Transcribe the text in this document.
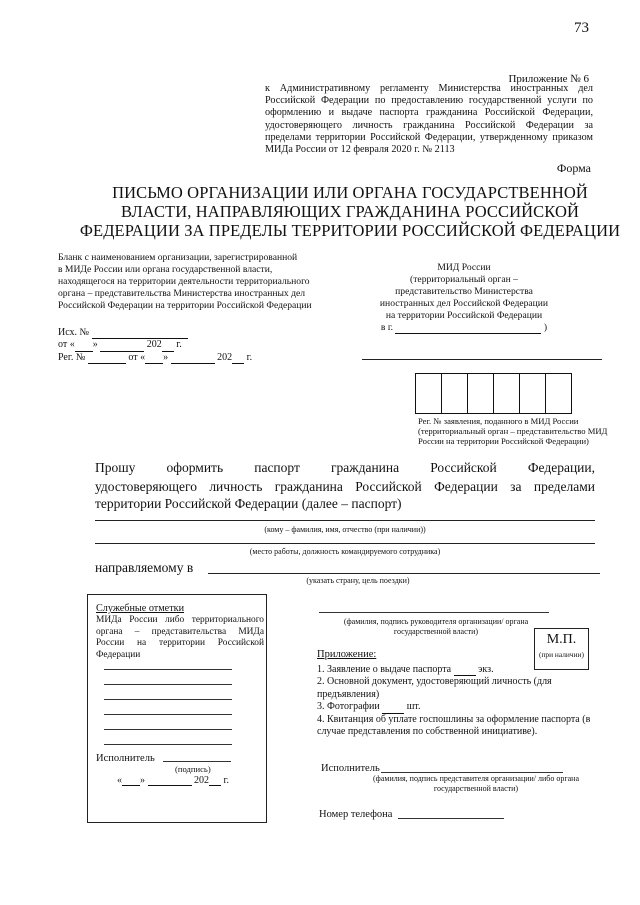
73
Приложение № 6
к Административному регламенту Министерства иностранных дел Российской Федерации по предоставлению государственной услуги по оформлению и выдаче паспорта гражданина Российской Федерации, удостоверяющего личность гражданина Российской Федерации за пределами территории Российской Федерации, утвержденному приказом МИДа России от 12 февраля 2020 г. № 2113
Форма
ПИСЬМО ОРГАНИЗАЦИИ ИЛИ ОРГАНА ГОСУДАРСТВЕННОЙ
ВЛАСТИ, НАПРАВЛЯЮЩИХ ГРАЖДАНИНА РОССИЙСКОЙ
ФЕДЕРАЦИИ ЗА ПРЕДЕЛЫ ТЕРРИТОРИИ РОССИЙСКОЙ ФЕДЕРАЦИИ
Бланк с наименованием организации, зарегистрированной
в МИДе России или органа государственной власти,
находящегося на территории деятельности территориального
органа – представительства Министерства иностранных дел
Российской Федерации на территории Российской Федерации
МИД России
(территориальный орган –
представительство Министерства
иностранных дел Российской Федерации
на территории Российской Федерации
в г.	)
Исх. №
от « »	202 г.
Рег. №	от « »	202 г.
Рег. № заявления, поданного в МИД России (территориальный орган – представительство МИД России на территории Российской Федерации)
Прошу оформить паспорт гражданина Российской Федерации,
удостоверяющего личность гражданина Российской Федерации за пределами
территории Российской Федерации (далее – паспорт)
(кому – фамилия, имя, отчество (при наличии))
(место работы, должность командируемого сотрудника)
направляемому в
(указать страну, цель поездки)
Служебные отметки
МИДа России либо территориального органа – представительства МИДа России на территории Российской Федерации
Исполнитель
(подпись)
« »	202 г.
(фамилия, подпись руководителя организации/ органа государственной власти)
М.П.
(при наличии)
Приложение:
1. Заявление о выдаче паспорта	экз.
2. Основной документ, удостоверяющий личность (для предъявления)
3. Фотографии	шт.
4. Квитанция об уплате госпошлины за оформление паспорта (в случае представления по собственной инициативе).
Исполнитель
(фамилия, подпись представителя организации/ либо органа государственной власти)
Номер телефона
